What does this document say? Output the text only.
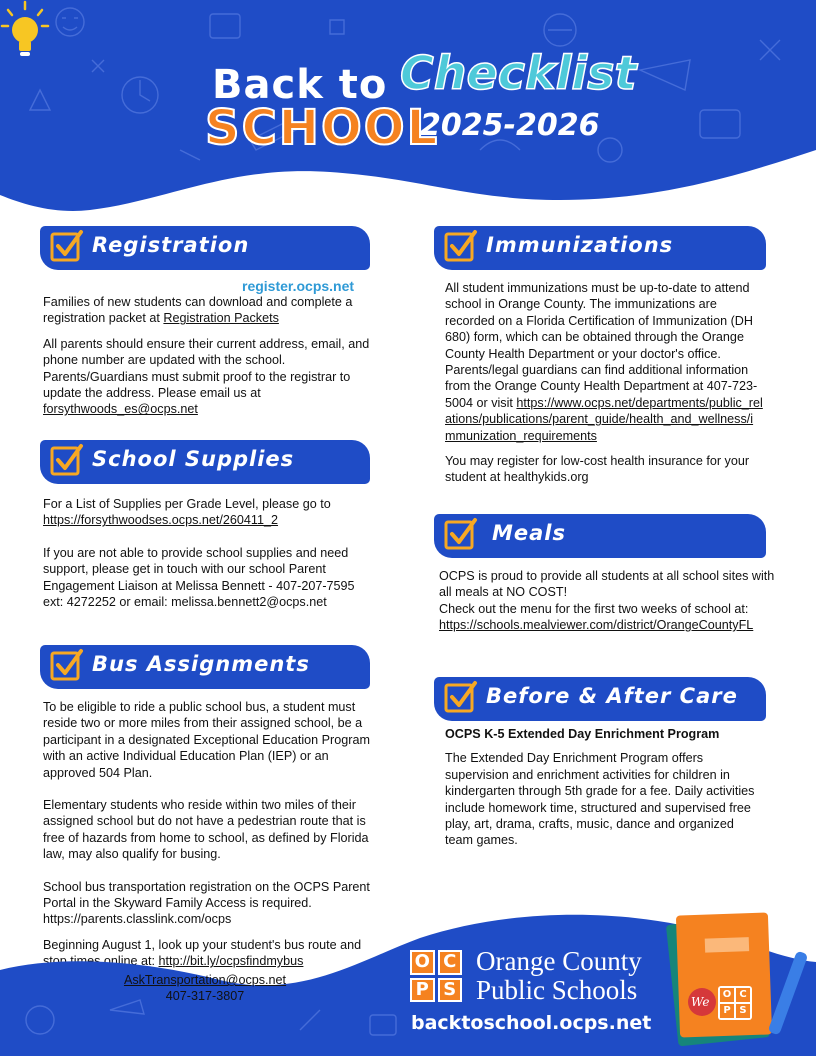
Back to
SCHOOL
Checklist
2025-2026
Registration
register.ocps.net

Families of new students can download and complete a registration packet at Registration Packets

All parents should ensure their current address, email, and phone number are updated with the school. Parents/Guardians must submit proof to the registrar to update the address. Please email us at forsythwoods_es@ocps.net

School Supplies

For a List of Supplies per Grade Level, please go to https://forsythwoodses.ocps.net/260411_2

If you are not able to provide school supplies and need support, please get in touch with our school Parent Engagement Liaison at Melissa Bennett - 407-207-7595 ext: 4272252 or email: melissa.bennett2@ocps.net

Bus Assignments

To be eligible to ride a public school bus, a student must reside two or more miles from their assigned school, be a participant in a designated Exceptional Education Program with an active Individual Education Plan (IEP) or an approved 504 Plan.

Elementary students who reside within two miles of their assigned school but do not have a pedestrian route that is free of hazards from home to school, as defined by Florida law, may also qualify for busing.

School bus transportation registration on the OCPS Parent Portal in the Skyward Family Access is required. https://parents.classlink.com/ocps

Beginning August 1, look up your student's bus route and stop times online at: http://bit.ly/ocpsfindmybus

We
O C
P S
O C
P S
Orange County
Public Schools
backtoschool.ocps.net
AskTransportation@ocps.net
407-317-3807
Immunizations

All student immunizations must be up-to-date to attend school in Orange County. The immunizations are recorded on a Florida Certification of Immunization (DH 680) form, which can be obtained through the Orange County Health Department or your doctor's office. Parents/legal guardians can find additional information from the Orange County Health Department at 407-723-5004 or visit https://www.ocps.net/departments/public_relations/publications/parent_guide/health_and_wellness/immunization_requirements

You may register for low-cost health insurance for your student at healthykids.org

Meals

OCPS is proud to provide all students at all school sites with all meals at NO COST!

Check out the menu for the first two weeks of school at:

https://schools.mealviewer.com/district/OrangeCountyFL

Before & After Care

OCPS K-5 Extended Day Enrichment Program

The Extended Day Enrichment Program offers supervision and enrichment activities for children in kindergarten through 5th grade for a fee. Daily activities include homework time, structured and supervised free play, art, drama, crafts, music, dance and organized team games.
